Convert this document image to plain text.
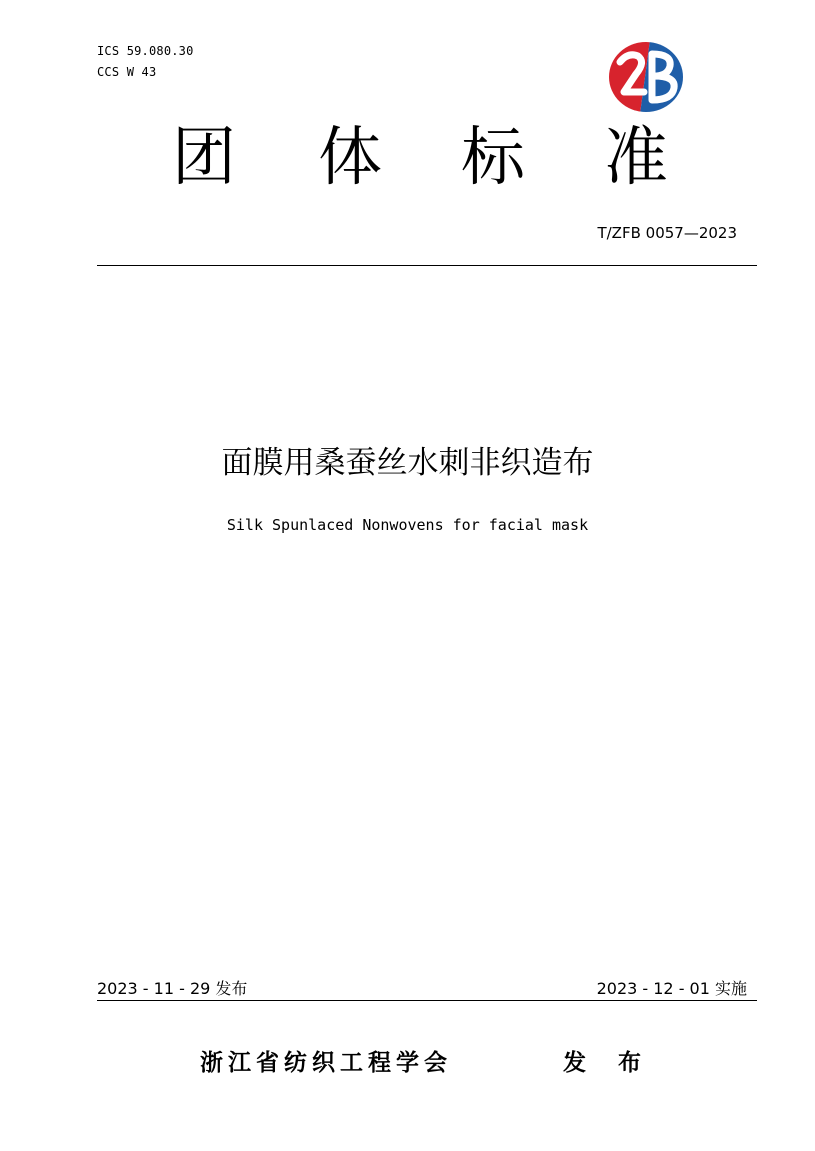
ICS 59.080.30
CCS W 43
团 体 标 准
T/ZFB 0057—2023
面膜用桑蚕丝水刺非织造布
Silk Spunlaced Nonwovens for facial mask
2023 - 11 - 29 发布	2023 - 12 - 01 实施
浙江省纺织工程学会	发 布
